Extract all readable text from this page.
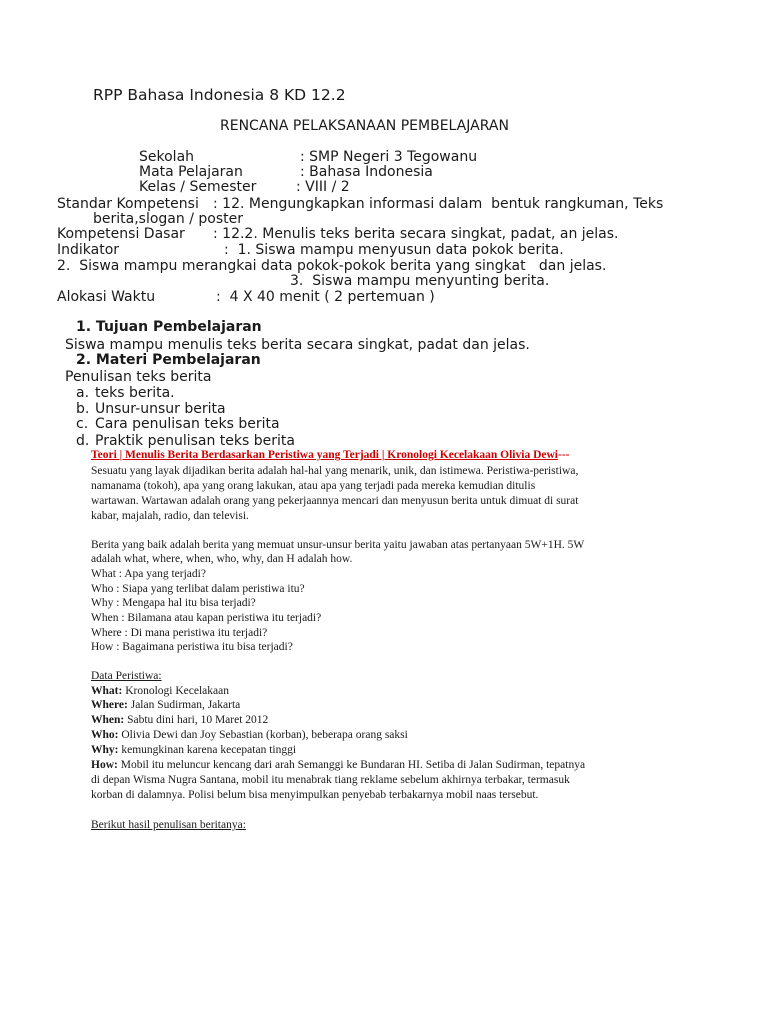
RPP Bahasa Indonesia 8 KD 12.2
RENCANA PELAKSANAAN PEMBELAJARAN
Sekolah	: SMP Negeri 3 Tegowanu
Mata Pelajaran	: Bahasa Indonesia
Kelas / Semester	: VIII / 2
Standar Kompetensi : 12. Mengungkapkan informasi dalam  bentuk rangkuman, Teks
berita,slogan / poster
Kompetensi Dasar : 12.2. Menulis teks berita secara singkat, padat, an jelas.
Indikator	:  1. Siswa mampu menyusun data pokok berita.
2.  Siswa mampu merangkai data pokok-pokok berita yang singkat   dan jelas.
3.  Siswa mampu menyunting berita.
Alokasi Waktu	:  4 X 40 menit ( 2 pertemuan )
1. Tujuan Pembelajaran
Siswa mampu menulis teks berita secara singkat, padat dan jelas.
2. Materi Pembelajaran
Penulisan teks berita
a. teks berita.
b. Unsur-unsur berita
c. Cara penulisan teks berita
d. Praktik penulisan teks berita
Teori | Menulis Berita Berdasarkan Peristiwa yang Terjadi | Kronologi Kecelakaan Olivia Dewi---
Sesuatu yang layak dijadikan berita adalah hal-hal yang menarik, unik, dan istimewa. Peristiwa-peristiwa,
namanama (tokoh), apa yang orang lakukan, atau apa yang terjadi pada mereka kemudian ditulis
wartawan. Wartawan adalah orang yang pekerjaannya mencari dan menyusun berita untuk dimuat di surat
kabar, majalah, radio, dan televisi.
Berita yang baik adalah berita yang memuat unsur-unsur berita yaitu jawaban atas pertanyaan 5W+1H. 5W
adalah what, where, when, who, why, dan H adalah how.
What : Apa yang terjadi?
Who : Siapa yang terlibat dalam peristiwa itu?
Why : Mengapa hal itu bisa terjadi?
When : Bilamana atau kapan peristiwa itu terjadi?
Where : Di mana peristiwa itu terjadi?
How : Bagaimana peristiwa itu bisa terjadi?
Data Peristiwa:
What: Kronologi Kecelakaan
Where: Jalan Sudirman, Jakarta
When: Sabtu dini hari, 10 Maret 2012
Who: Olivia Dewi dan Joy Sebastian (korban), beberapa orang saksi
Why: kemungkinan karena kecepatan tinggi
How: Mobil itu meluncur kencang dari arah Semanggi ke Bundaran HI. Setiba di Jalan Sudirman, tepatnya
di depan Wisma Nugra Santana, mobil itu menabrak tiang reklame sebelum akhirnya terbakar, termasuk
korban di dalamnya. Polisi belum bisa menyimpulkan penyebab terbakarnya mobil naas tersebut.
Berikut hasil penulisan beritanya:
